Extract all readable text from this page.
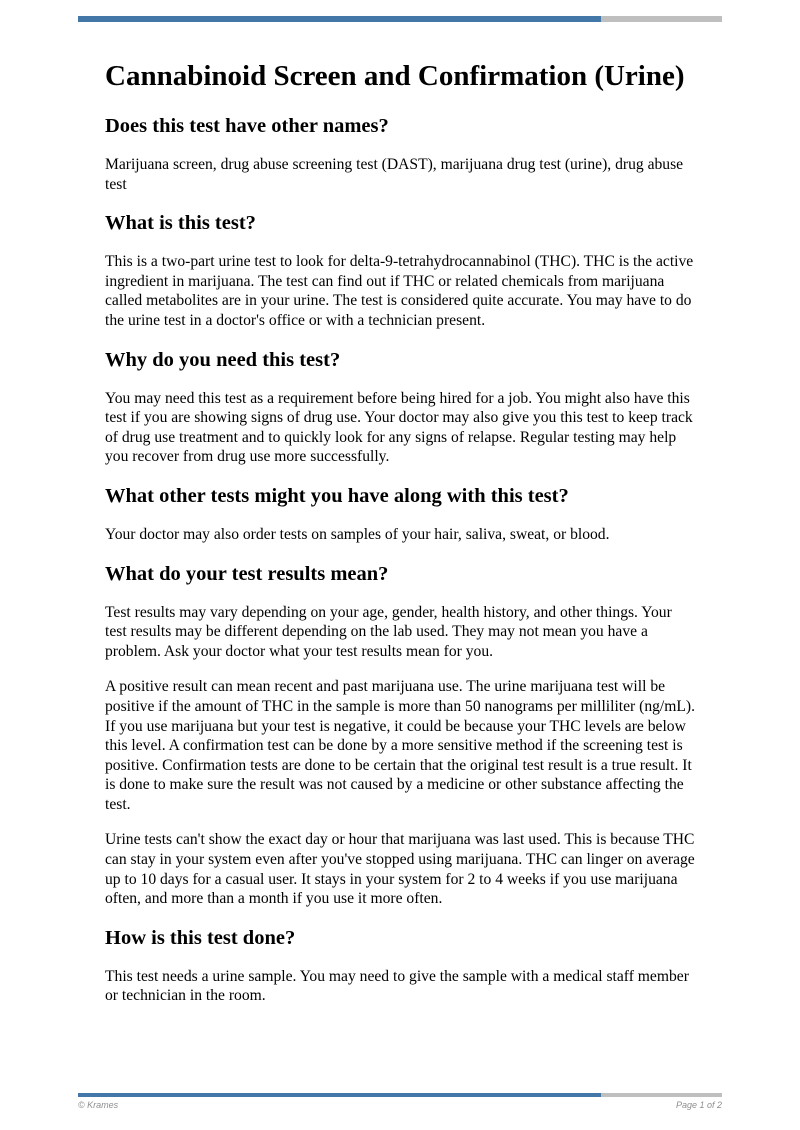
Cannabinoid Screen and Confirmation (Urine)
Does this test have other names?

Marijuana screen, drug abuse screening test (DAST), marijuana drug test (urine), drug abuse test

What is this test?

This is a two-part urine test to look for delta-9-tetrahydrocannabinol (THC). THC is the active ingredient in marijuana. The test can find out if THC or related chemicals from marijuana called metabolites are in your urine. The test is considered quite accurate. You may have to do the urine test in a doctor's office or with a technician present.

Why do you need this test?

You may need this test as a requirement before being hired for a job. You might also have this test if you are showing signs of drug use. Your doctor may also give you this test to keep track of drug use treatment and to quickly look for any signs of relapse. Regular testing may help you recover from drug use more successfully.

What other tests might you have along with this test?

Your doctor may also order tests on samples of your hair, saliva, sweat, or blood.

What do your test results mean?

Test results may vary depending on your age, gender, health history, and other things. Your test results may be different depending on the lab used. They may not mean you have a problem. Ask your doctor what your test results mean for you.

A positive result can mean recent and past marijuana use. The urine marijuana test will be positive if the amount of THC in the sample is more than 50 nanograms per milliliter (ng/mL). If you use marijuana but your test is negative, it could be because your THC levels are below this level. A confirmation test can be done by a more sensitive method if the screening test is positive. Confirmation tests are done to be certain that the original test result is a true result. It is done to make sure the result was not caused by a medicine or other substance affecting the test.

Urine tests can't show the exact day or hour that marijuana was last used. This is because THC can stay in your system even after you've stopped using marijuana. THC can linger on average up to 10 days for a casual user. It stays in your system for 2 to 4 weeks if you use marijuana often, and more than a month if you use it more often.

How is this test done?

This test needs a urine sample. You may need to give the sample with a medical staff member or technician in the room.

© Krames	Page 1 of 2
